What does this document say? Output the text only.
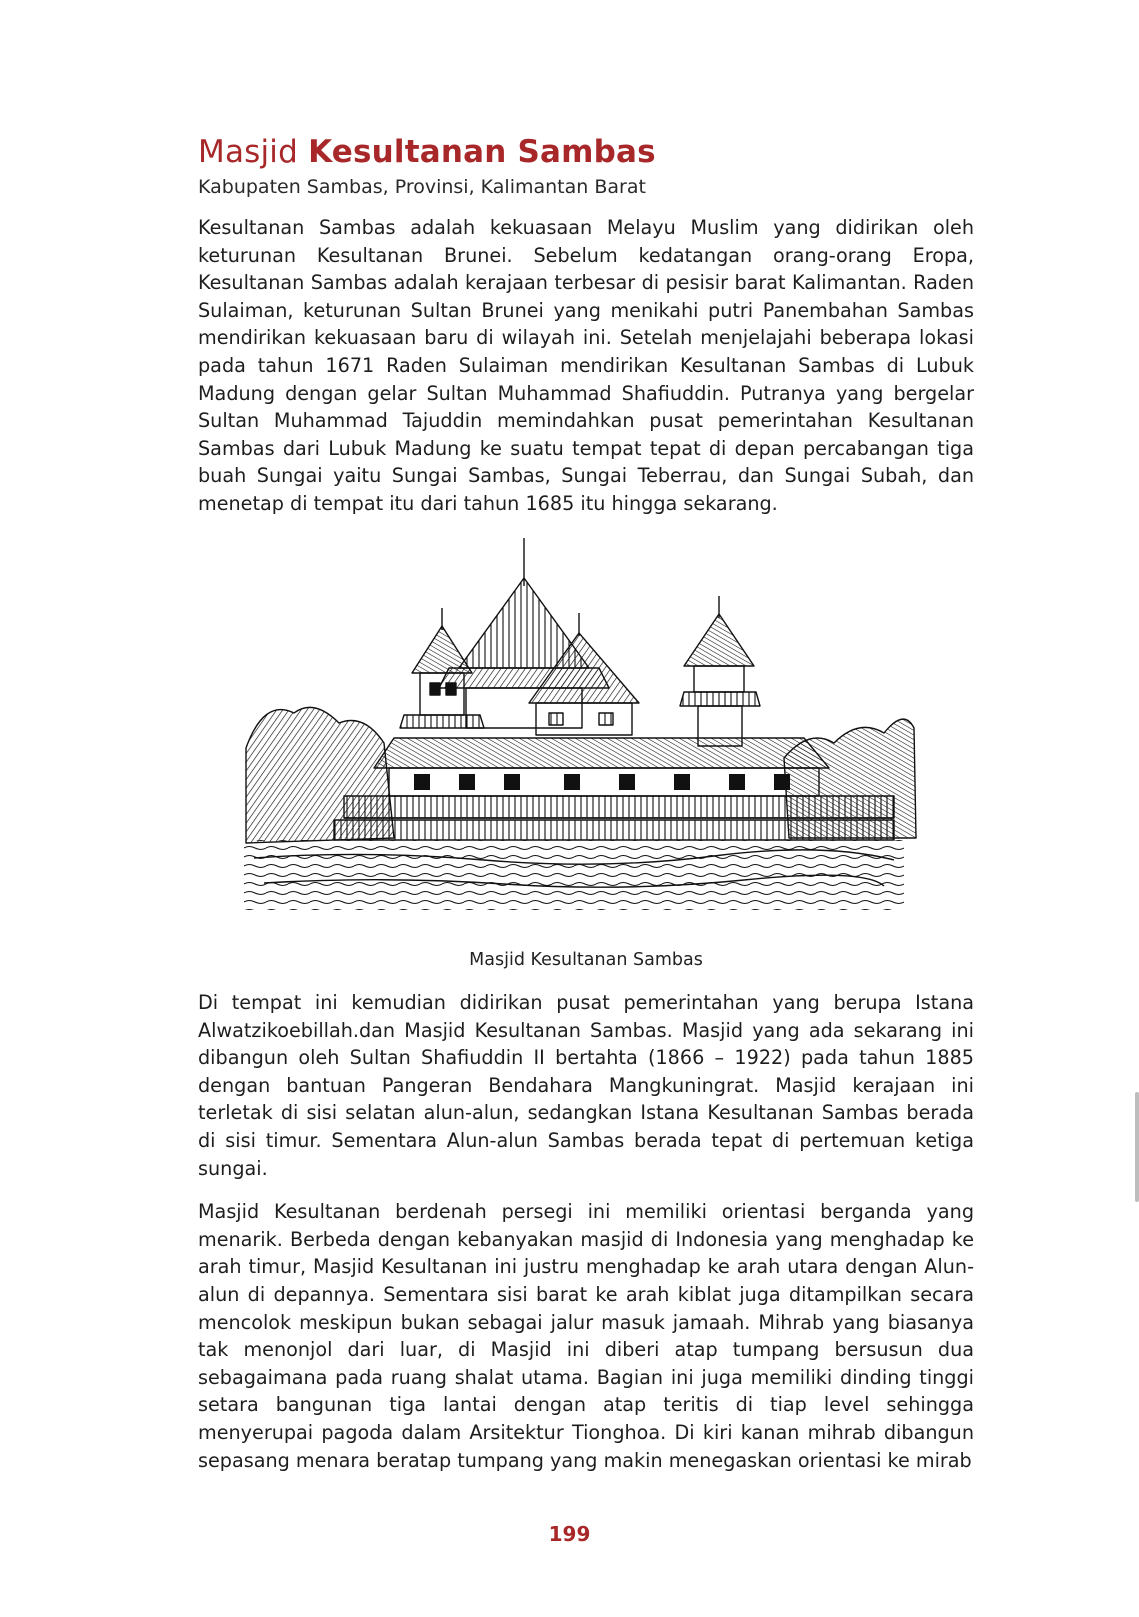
Masjid Kesultanan Sambas
Kabupaten Sambas, Provinsi, Kalimantan Barat

Kesultanan Sambas adalah kekuasaan Melayu Muslim yang didirikan oleh keturunan Kesultanan Brunei. Sebelum kedatangan orang-orang Eropa, Kesultanan Sambas adalah kerajaan terbesar di pesisir barat Kalimantan. Raden Sulaiman, keturunan Sultan Brunei yang menikahi putri Panembahan Sambas mendirikan kekuasaan baru di wilayah ini. Setelah menjelajahi beberapa lokasi pada tahun 1671 Raden Sulaiman mendirikan Kesultanan Sambas di Lubuk Madung dengan gelar Sultan Muhammad Shafiuddin. Putranya yang bergelar Sultan Muhammad Tajuddin memindahkan pusat pemerintahan Kesultanan Sambas dari Lubuk Madung ke suatu tempat tepat di depan percabangan tiga buah Sungai yaitu Sungai Sambas, Sungai Teberrau, dan Sungai Subah, dan menetap di tempat itu dari tahun 1685 itu hingga sekarang.

Masjid Kesultanan Sambas

Di tempat ini kemudian didirikan pusat pemerintahan yang berupa Istana Alwatzikoebillah.dan Masjid Kesultanan Sambas. Masjid yang ada sekarang ini dibangun oleh Sultan Shafiuddin II bertahta (1866 – 1922) pada tahun 1885 dengan bantuan Pangeran Bendahara Mangkuningrat. Masjid kerajaan ini terletak di sisi selatan alun-alun, sedangkan Istana Kesultanan Sambas berada di sisi timur. Sementara Alun-alun Sambas berada tepat di pertemuan ketiga sungai.

Masjid Kesultanan berdenah persegi ini memiliki orientasi berganda yang menarik. Berbeda dengan kebanyakan masjid di Indonesia yang menghadap ke arah timur, Masjid Kesultanan ini justru menghadap ke arah utara dengan Alun-alun di depannya. Sementara sisi barat ke arah kiblat juga ditampilkan secara mencolok meskipun bukan sebagai jalur masuk jamaah. Mihrab yang biasanya tak menonjol dari luar, di Masjid ini diberi atap tumpang bersusun dua sebagaimana pada ruang shalat utama. Bagian ini juga memiliki dinding tinggi setara bangunan tiga lantai dengan atap teritis di tiap level sehingga menyerupai pagoda dalam Arsitektur Tionghoa. Di kiri kanan mihrab dibangun sepasang menara beratap tumpang yang makin menegaskan orientasi ke mirab

199
